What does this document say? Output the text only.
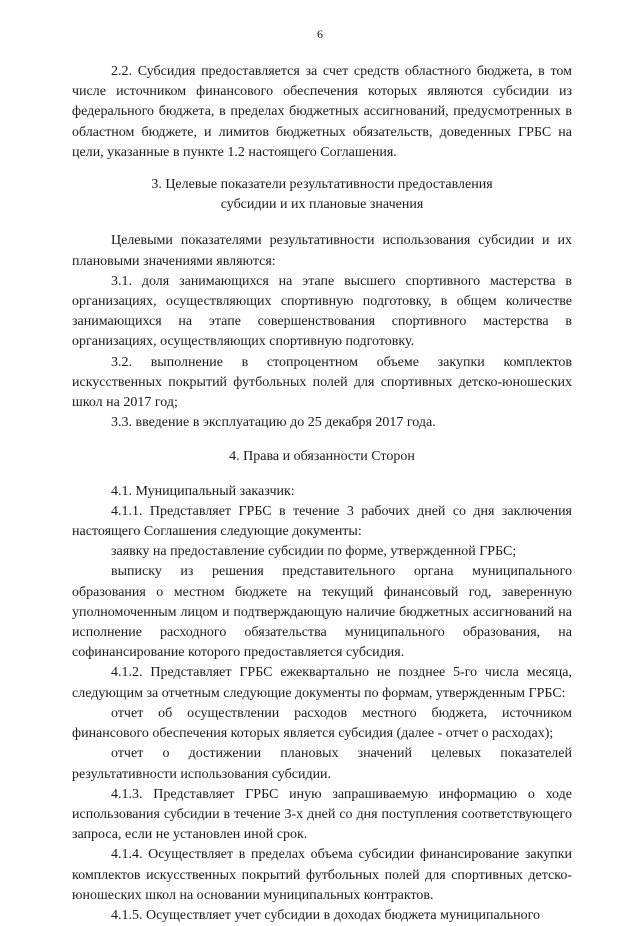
6

2.2. Субсидия предоставляется за счет средств областного бюджета, в том числе источником финансового обеспечения которых являются субсидии из федерального бюджета, в пределах бюджетных ассигнований, предусмотренных в областном бюджете, и лимитов бюджетных обязательств, доведенных ГРБС на цели, указанные в пункте 1.2 настоящего Соглашения.

3. Целевые показатели результативности предоставления
субсидии и их плановые значения

Целевыми показателями результативности использования субсидии и их плановыми значениями являются:

3.1. доля занимающихся на этапе высшего спортивного мастерства в организациях, осуществляющих спортивную подготовку, в общем количестве занимающихся на этапе совершенствования спортивного мастерства в организациях, осуществляющих спортивную подготовку.

3.2. выполнение в стопроцентном объеме закупки комплектов искусственных покрытий футбольных полей для спортивных детско-юношеских школ на 2017 год;

3.3. введение в эксплуатацию до 25 декабря 2017 года.

4. Права и обязанности Сторон

4.1. Муниципальный заказчик:

4.1.1. Представляет ГРБС в течение 3 рабочих дней со дня заключения настоящего Соглашения следующие документы:

заявку на предоставление субсидии по форме, утвержденной ГРБС;

выписку из решения представительного органа муниципального образования о местном бюджете на текущий финансовый год, заверенную уполномоченным лицом и подтверждающую наличие бюджетных ассигнований на исполнение расходного обязательства муниципального образования, на софинансирование которого предоставляется субсидия.

4.1.2. Представляет ГРБС ежеквартально не позднее 5-го числа месяца, следующим за отчетным следующие документы по формам, утвержденным ГРБС:

отчет об осуществлении расходов местного бюджета, источником финансового обеспечения которых является субсидия (далее - отчет о расходах);

отчет о достижении плановых значений целевых показателей результативности использования субсидии.

4.1.3. Представляет ГРБС иную запрашиваемую информацию о ходе использования субсидии в течение 3-х дней со дня поступления соответствующего запроса, если не установлен иной срок.

4.1.4. Осуществляет в пределах объема субсидии финансирование закупки комплектов искусственных покрытий футбольных полей для спортивных детско-юношеских школ на основании муниципальных контрактов.

4.1.5. Осуществляет учет субсидии в доходах бюджета муниципального
